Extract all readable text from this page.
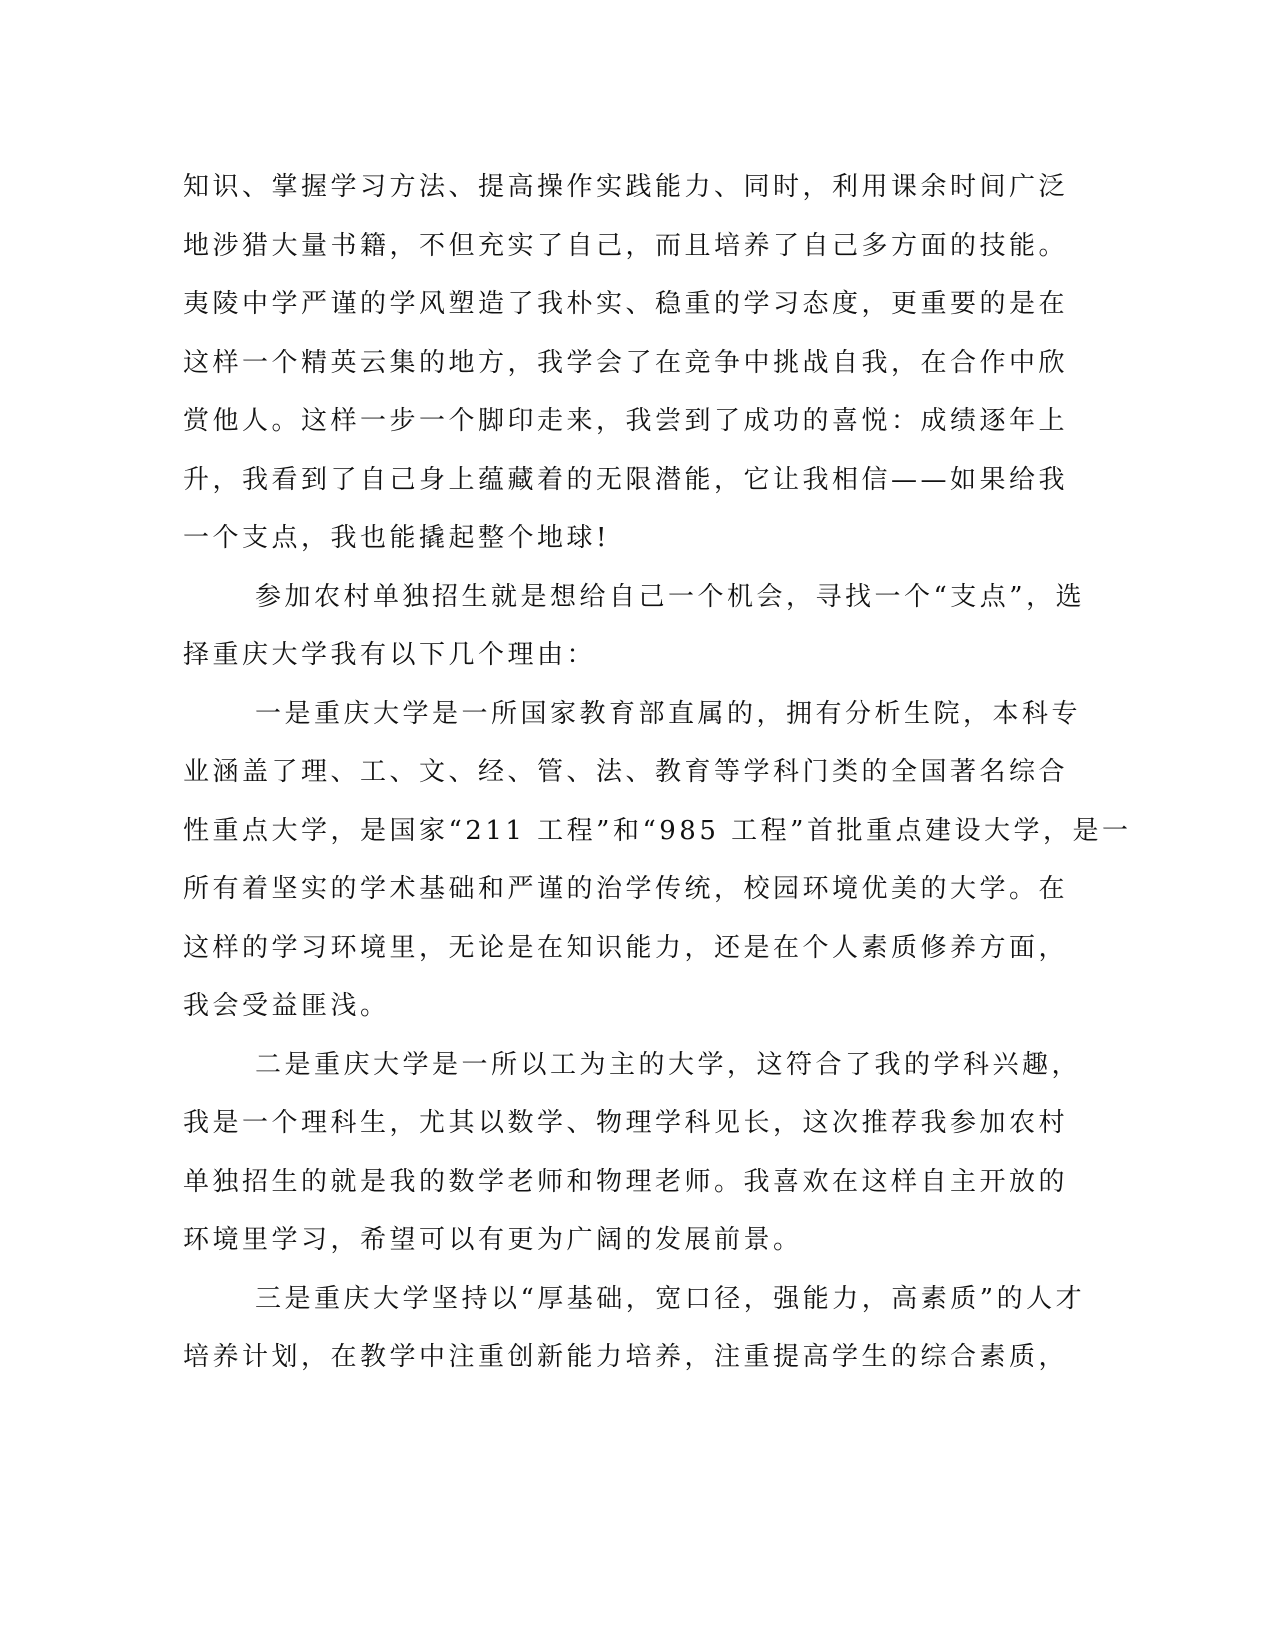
知识、掌握学习方法、提高操作实践能力、同时，利用课余时间广泛
地涉猎大量书籍，不但充实了自己，而且培养了自己多方面的技能。
夷陵中学严谨的学风塑造了我朴实、稳重的学习态度，更重要的是在
这样一个精英云集的地方，我学会了在竞争中挑战自我，在合作中欣
赏他人。这样一步一个脚印走来，我尝到了成功的喜悦：成绩逐年上
升，我看到了自己身上蕴藏着的无限潜能，它让我相信——如果给我
一个支点，我也能撬起整个地球!
参加农村单独招生就是想给自己一个机会，寻找一个“支点”，选
择重庆大学我有以下几个理由：
一是重庆大学是一所国家教育部直属的，拥有分析生院，本科专
业涵盖了理、工、文、经、管、法、教育等学科门类的全国著名综合
性重点大学，是国家“211 工程”和“985 工程”首批重点建设大学，是一
所有着坚实的学术基础和严谨的治学传统，校园环境优美的大学。在
这样的学习环境里，无论是在知识能力，还是在个人素质修养方面，
我会受益匪浅。
二是重庆大学是一所以工为主的大学，这符合了我的学科兴趣，
我是一个理科生，尤其以数学、物理学科见长，这次推荐我参加农村
单独招生的就是我的数学老师和物理老师。我喜欢在这样自主开放的
环境里学习，希望可以有更为广阔的发展前景。
三是重庆大学坚持以“厚基础，宽口径，强能力，高素质”的人才
培养计划，在教学中注重创新能力培养，注重提高学生的综合素质，
